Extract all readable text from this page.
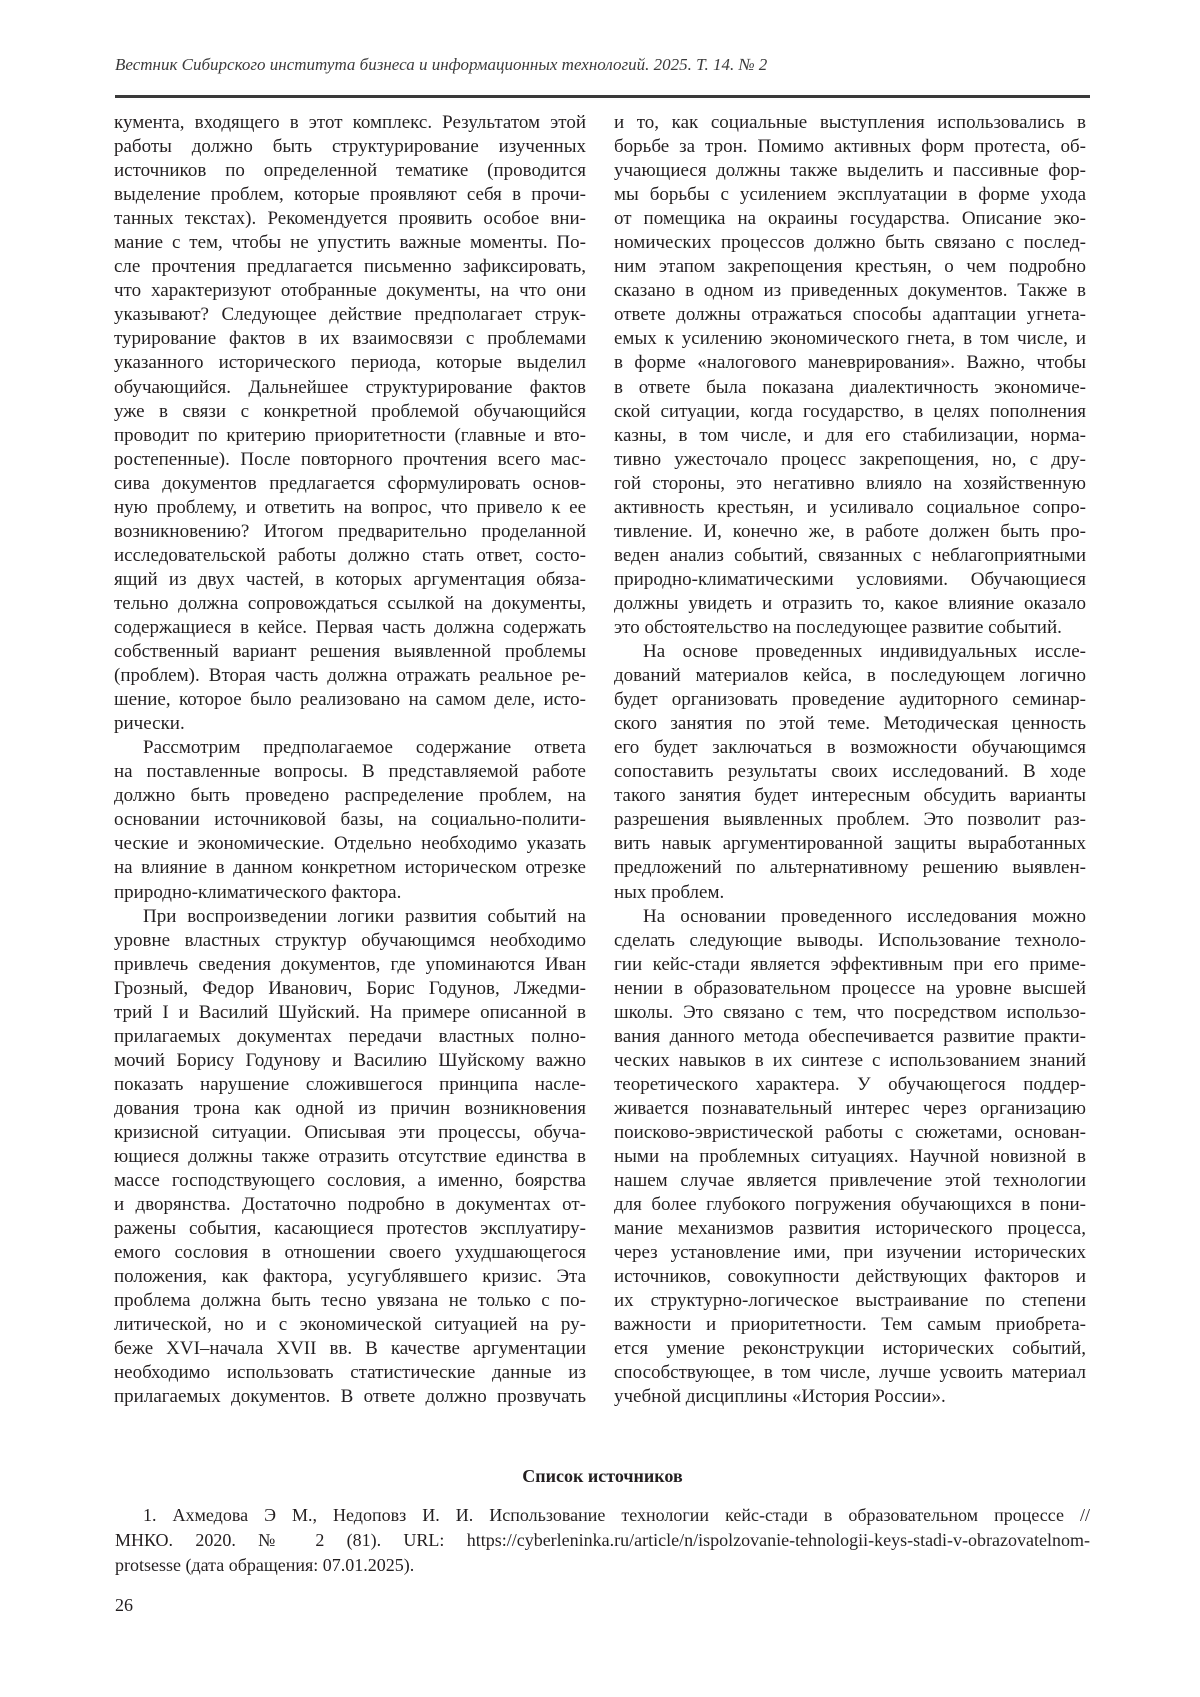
Вестник Сибирского института бизнеса и информационных технологий. 2025. Т. 14. № 2
кумента, входящего в этот комплекс. Результатом этой
работы должно быть структурирование изученных
источников по определенной тематике (проводится
выделение проблем, которые проявляют себя в прочи-
танных текстах). Рекомендуется проявить особое вни-
мание с тем, чтобы не упустить важные моменты. По-
сле прочтения предлагается письменно зафиксировать,
что характеризуют отобранные документы, на что они
указывают? Следующее действие предполагает струк-
турирование фактов в их взаимосвязи с проблемами
указанного исторического периода, которые выделил
обучающийся. Дальнейшее структурирование фактов
уже в связи с конкретной проблемой обучающийся
проводит по критерию приоритетности (главные и вто-
ростепенные). После повторного прочтения всего мас-
сива документов предлагается сформулировать основ-
ную проблему, и ответить на вопрос, что привело к ее
возникновению? Итогом предварительно проделанной
исследовательской работы должно стать ответ, состо-
ящий из двух частей, в которых аргументация обяза-
тельно должна сопровождаться ссылкой на документы,
содержащиеся в кейсе. Первая часть должна содержать
собственный вариант решения выявленной проблемы
(проблем). Вторая часть должна отражать реальное ре-
шение, которое было реализовано на самом деле, исто-
рически.
Рассмотрим предполагаемое содержание ответа
на поставленные вопросы. В представляемой работе
должно быть проведено распределение проблем, на
основании источниковой базы, на социально-полити-
ческие и экономические. Отдельно необходимо указать
на влияние в данном конкретном историческом отрезке
природно-климатического фактора.
При воспроизведении логики развития событий на
уровне властных структур обучающимся необходимо
привлечь сведения документов, где упоминаются Иван
Грозный, Федор Иванович, Борис Годунов, Лжедми-
трий I и Василий Шуйский. На примере описанной в
прилагаемых документах передачи властных полно-
мочий Борису Годунову и Василию Шуйскому важно
показать нарушение сложившегося принципа насле-
дования трона как одной из причин возникновения
кризисной ситуации. Описывая эти процессы, обуча-
ющиеся должны также отразить отсутствие единства в
массе господствующего сословия, а именно, боярства
и дворянства. Достаточно подробно в документах от-
ражены события, касающиеся протестов эксплуатиру-
емого сословия в отношении своего ухудшающегося
положения, как фактора, усугублявшего кризис. Эта
проблема должна быть тесно увязана не только с по-
литической, но и с экономической ситуацией на ру-
беже XVI–начала XVII вв. В качестве аргументации
необходимо использовать статистические данные из
прилагаемых документов. В ответе должно прозвучать
и то, как социальные выступления использовались в
борьбе за трон. Помимо активных форм протеста, об-
учающиеся должны также выделить и пассивные фор-
мы борьбы с усилением эксплуатации в форме ухода
от помещика на окраины государства. Описание эко-
номических процессов должно быть связано с послед-
ним этапом закрепощения крестьян, о чем подробно
сказано в одном из приведенных документов. Также в
ответе должны отражаться способы адаптации угнета-
емых к усилению экономического гнета, в том числе, и
в форме «налогового маневрирования». Важно, чтобы
в ответе была показана диалектичность экономиче-
ской ситуации, когда государство, в целях пополнения
казны, в том числе, и для его стабилизации, норма-
тивно ужесточало процесс закрепощения, но, с дру-
гой стороны, это негативно влияло на хозяйственную
активность крестьян, и усиливало социальное сопро-
тивление. И, конечно же, в работе должен быть про-
веден анализ событий, связанных с неблагоприятными
природно-климатическими условиями. Обучающиеся
должны увидеть и отразить то, какое влияние оказало
это обстоятельство на последующее развитие событий.
На основе проведенных индивидуальных иссле-
дований материалов кейса, в последующем логично
будет организовать проведение аудиторного семинар-
ского занятия по этой теме. Методическая ценность
его будет заключаться в возможности обучающимся
сопоставить результаты своих исследований. В ходе
такого занятия будет интересным обсудить варианты
разрешения выявленных проблем. Это позволит раз-
вить навык аргументированной защиты выработанных
предложений по альтернативному решению выявлен-
ных проблем.
На основании проведенного исследования можно
сделать следующие выводы. Использование техноло-
гии кейс-стади является эффективным при его приме-
нении в образовательном процессе на уровне высшей
школы. Это связано с тем, что посредством использо-
вания данного метода обеспечивается развитие практи-
ческих навыков в их синтезе с использованием знаний
теоретического характера. У обучающегося поддер-
живается познавательный интерес через организацию
поисково-эвристической работы с сюжетами, основан-
ными на проблемных ситуациях. Научной новизной в
нашем случае является привлечение этой технологии
для более глубокого погружения обучающихся в пони-
мание механизмов развития исторического процесса,
через установление ими, при изучении исторических
источников, совокупности действующих факторов и
их структурно-логическое выстраивание по степени
важности и приоритетности. Тем самым приобрета-
ется умение реконструкции исторических событий,
способствующее, в том числе, лучше усвоить материал
учебной дисциплины «История России».
Список источников
1. Ахмедова Э М., Недоповз И. И. Использование технологии кейс-стади в образовательном процессе //
МНКО. 2020. № 2 (81). URL: https://cyberleninka.ru/article/n/ispolzovanie-tehnologii-keys-stadi-v-obrazovatelnom-
protsesse (дата обращения: 07.01.2025).
26
